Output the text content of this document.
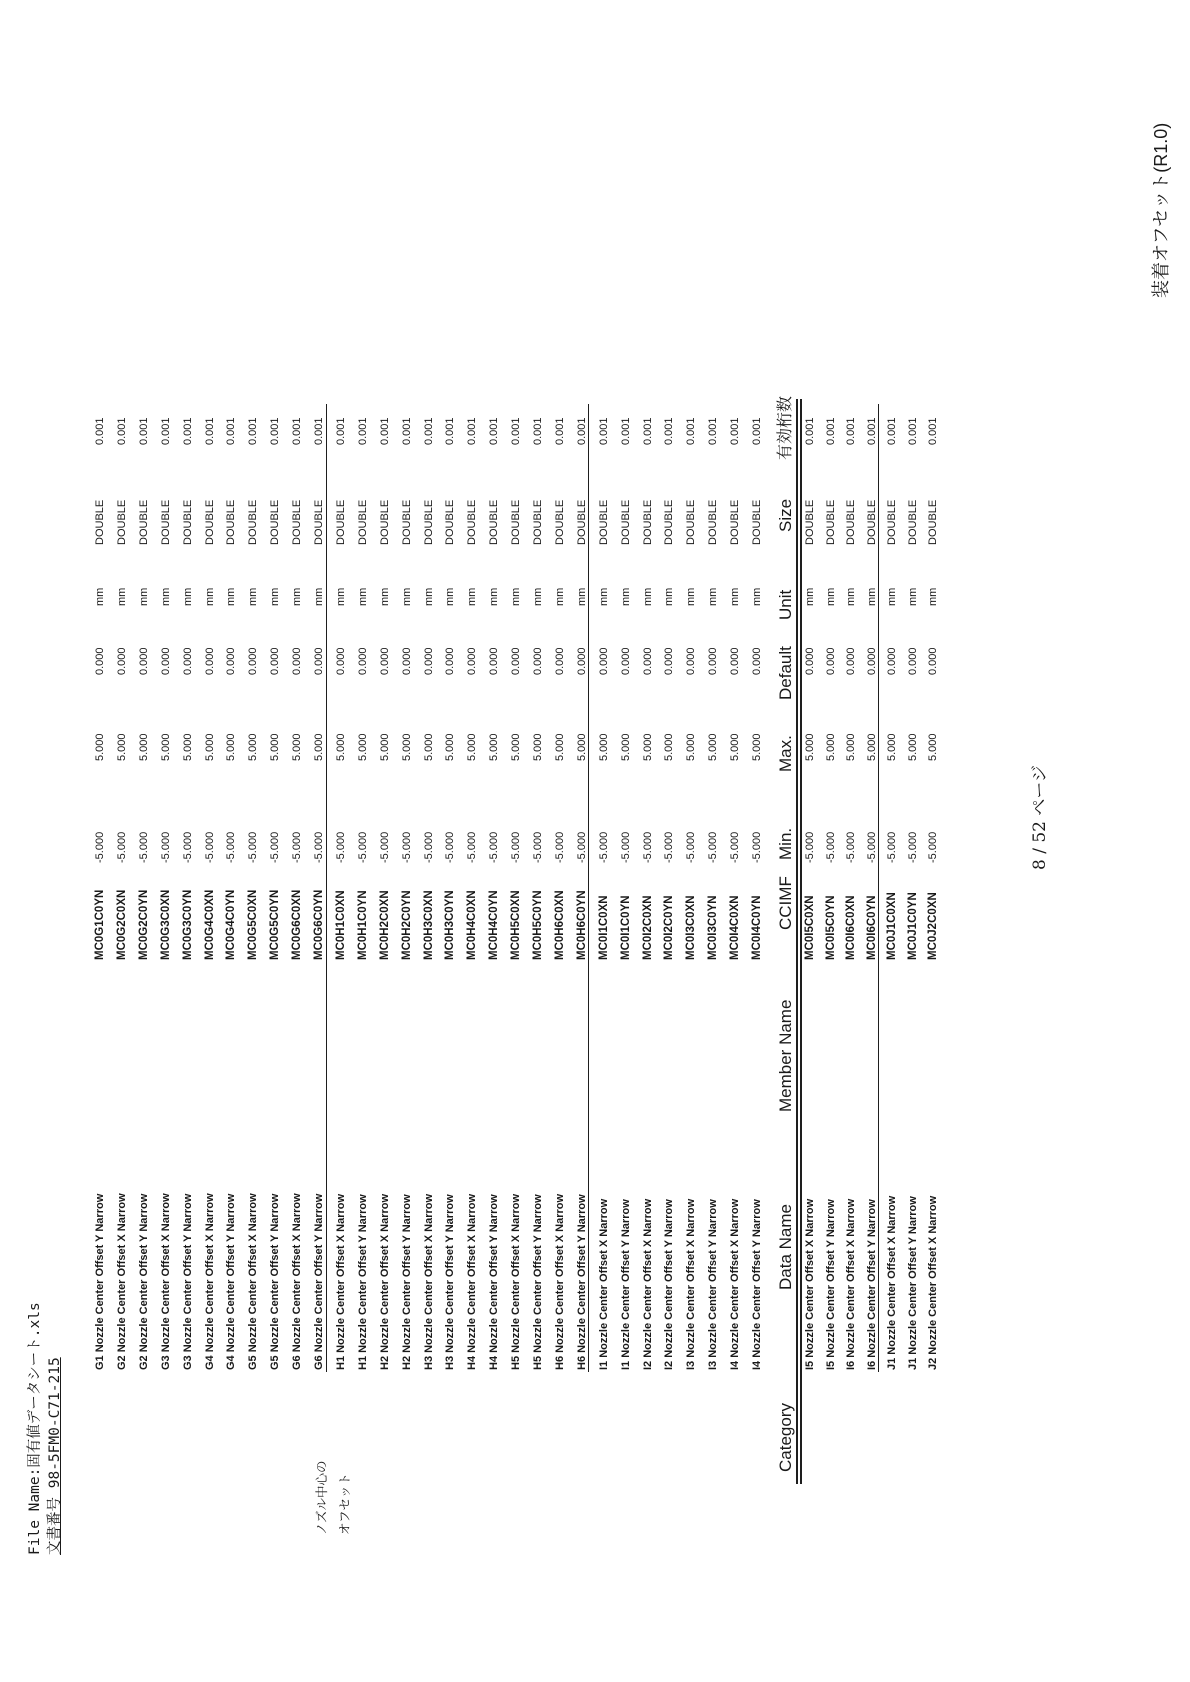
File Name:固有値データシート.xls 文書番号 98-5FM0-C71-215	ノズル中心の オフセット
G1 Nozzle Center Offset Y Narrow
MC0G1C0YN
-5.000
5.000
0.000
mm
DOUBLE
0.001
G2 Nozzle Center Offset X Narrow
MC0G2C0XN
-5.000
5.000
0.000
mm
DOUBLE
0.001
G2 Nozzle Center Offset Y Narrow
MC0G2C0YN
-5.000
5.000
0.000
mm
DOUBLE
0.001
G3 Nozzle Center Offset X Narrow
MC0G3C0XN
-5.000
5.000
0.000
mm
DOUBLE
0.001
G3 Nozzle Center Offset Y Narrow
MC0G3C0YN
-5.000
5.000
0.000
mm
DOUBLE
0.001
G4 Nozzle Center Offset X Narrow
MC0G4C0XN
-5.000
5.000
0.000
mm
DOUBLE
0.001
G4 Nozzle Center Offset Y Narrow
MC0G4C0YN
-5.000
5.000
0.000
mm
DOUBLE
0.001
G5 Nozzle Center Offset X Narrow
MC0G5C0XN
-5.000
5.000
0.000
mm
DOUBLE
0.001
G5 Nozzle Center Offset Y Narrow
MC0G5C0YN
-5.000
5.000
0.000
mm
DOUBLE
0.001
G6 Nozzle Center Offset X Narrow
MC0G6C0XN
-5.000
5.000
0.000
mm
DOUBLE
0.001
G6 Nozzle Center Offset Y Narrow
MC0G6C0YN
-5.000
5.000
0.000
mm
DOUBLE
0.001
H1 Nozzle Center Offset X Narrow
MC0H1C0XN
-5.000
5.000
0.000
mm
DOUBLE
0.001
H1 Nozzle Center Offset Y Narrow
MC0H1C0YN
-5.000
5.000
0.000
mm
DOUBLE
0.001
H2 Nozzle Center Offset X Narrow
MC0H2C0XN
-5.000
5.000
0.000
mm
DOUBLE
0.001
H2 Nozzle Center Offset Y Narrow
MC0H2C0YN
-5.000
5.000
0.000
mm
DOUBLE
0.001
H3 Nozzle Center Offset X Narrow
MC0H3C0XN
-5.000
5.000
0.000
mm
DOUBLE
0.001
H3 Nozzle Center Offset Y Narrow
MC0H3C0YN
-5.000
5.000
0.000
mm
DOUBLE
0.001
H4 Nozzle Center Offset X Narrow
MC0H4C0XN
-5.000
5.000
0.000
mm
DOUBLE
0.001
H4 Nozzle Center Offset Y Narrow
MC0H4C0YN
-5.000
5.000
0.000
mm
DOUBLE
0.001
H5 Nozzle Center Offset X Narrow
MC0H5C0XN
-5.000
5.000
0.000
mm
DOUBLE
0.001
H5 Nozzle Center Offset Y Narrow
MC0H5C0YN
-5.000
5.000
0.000
mm
DOUBLE
0.001
H6 Nozzle Center Offset X Narrow
MC0H6C0XN
-5.000
5.000
0.000
mm
DOUBLE
0.001
H6 Nozzle Center Offset Y Narrow
MC0H6C0YN
-5.000
5.000
0.000
mm
DOUBLE
0.001
I1 Nozzle Center Offset X Narrow
MC0I1C0XN
-5.000
5.000
0.000
mm
DOUBLE
0.001
I1 Nozzle Center Offset Y Narrow
MC0I1C0YN
-5.000
5.000
0.000
mm
DOUBLE
0.001
I2 Nozzle Center Offset X Narrow
MC0I2C0XN
-5.000
5.000
0.000
mm
DOUBLE
0.001
I2 Nozzle Center Offset Y Narrow
MC0I2C0YN
-5.000
5.000
0.000
mm
DOUBLE
0.001
I3 Nozzle Center Offset X Narrow
MC0I3C0XN
-5.000
5.000
0.000
mm
DOUBLE
0.001
I3 Nozzle Center Offset Y Narrow
MC0I3C0YN
-5.000
5.000
0.000
mm
DOUBLE
0.001
I4 Nozzle Center Offset X Narrow
MC0I4C0XN
-5.000
5.000
0.000
mm
DOUBLE
0.001
I4 Nozzle Center Offset Y Narrow
MC0I4C0YN
-5.000
5.000
0.000
mm
DOUBLE
0.001
I5 Nozzle Center Offset X Narrow
MC0I5C0XN
-5.000
5.000
0.000
mm
DOUBLE
0.001
I5 Nozzle Center Offset Y Narrow
MC0I5C0YN
-5.000
5.000
0.000
mm
DOUBLE
0.001
I6 Nozzle Center Offset X Narrow
MC0I6C0XN
-5.000
5.000
0.000
mm
DOUBLE
0.001
I6 Nozzle Center Offset Y Narrow
MC0I6C0YN
-5.000
5.000
0.000
mm
DOUBLE
0.001
J1 Nozzle Center Offset X Narrow
MC0J1C0XN
-5.000
5.000
0.000
mm
DOUBLE
0.001
J1 Nozzle Center Offset Y Narrow
MC0J1C0YN
-5.000
5.000
0.000
mm
DOUBLE
0.001
J2 Nozzle Center Offset X Narrow
MC0J2C0XN
-5.000
5.000
0.000
mm
DOUBLE
0.001
Category
Data Name
Member Name
CCIMF
Min.
Max.
Default
Unit
Size
有効桁数
8 / 52 ページ
装着オフセット(R1.0)
